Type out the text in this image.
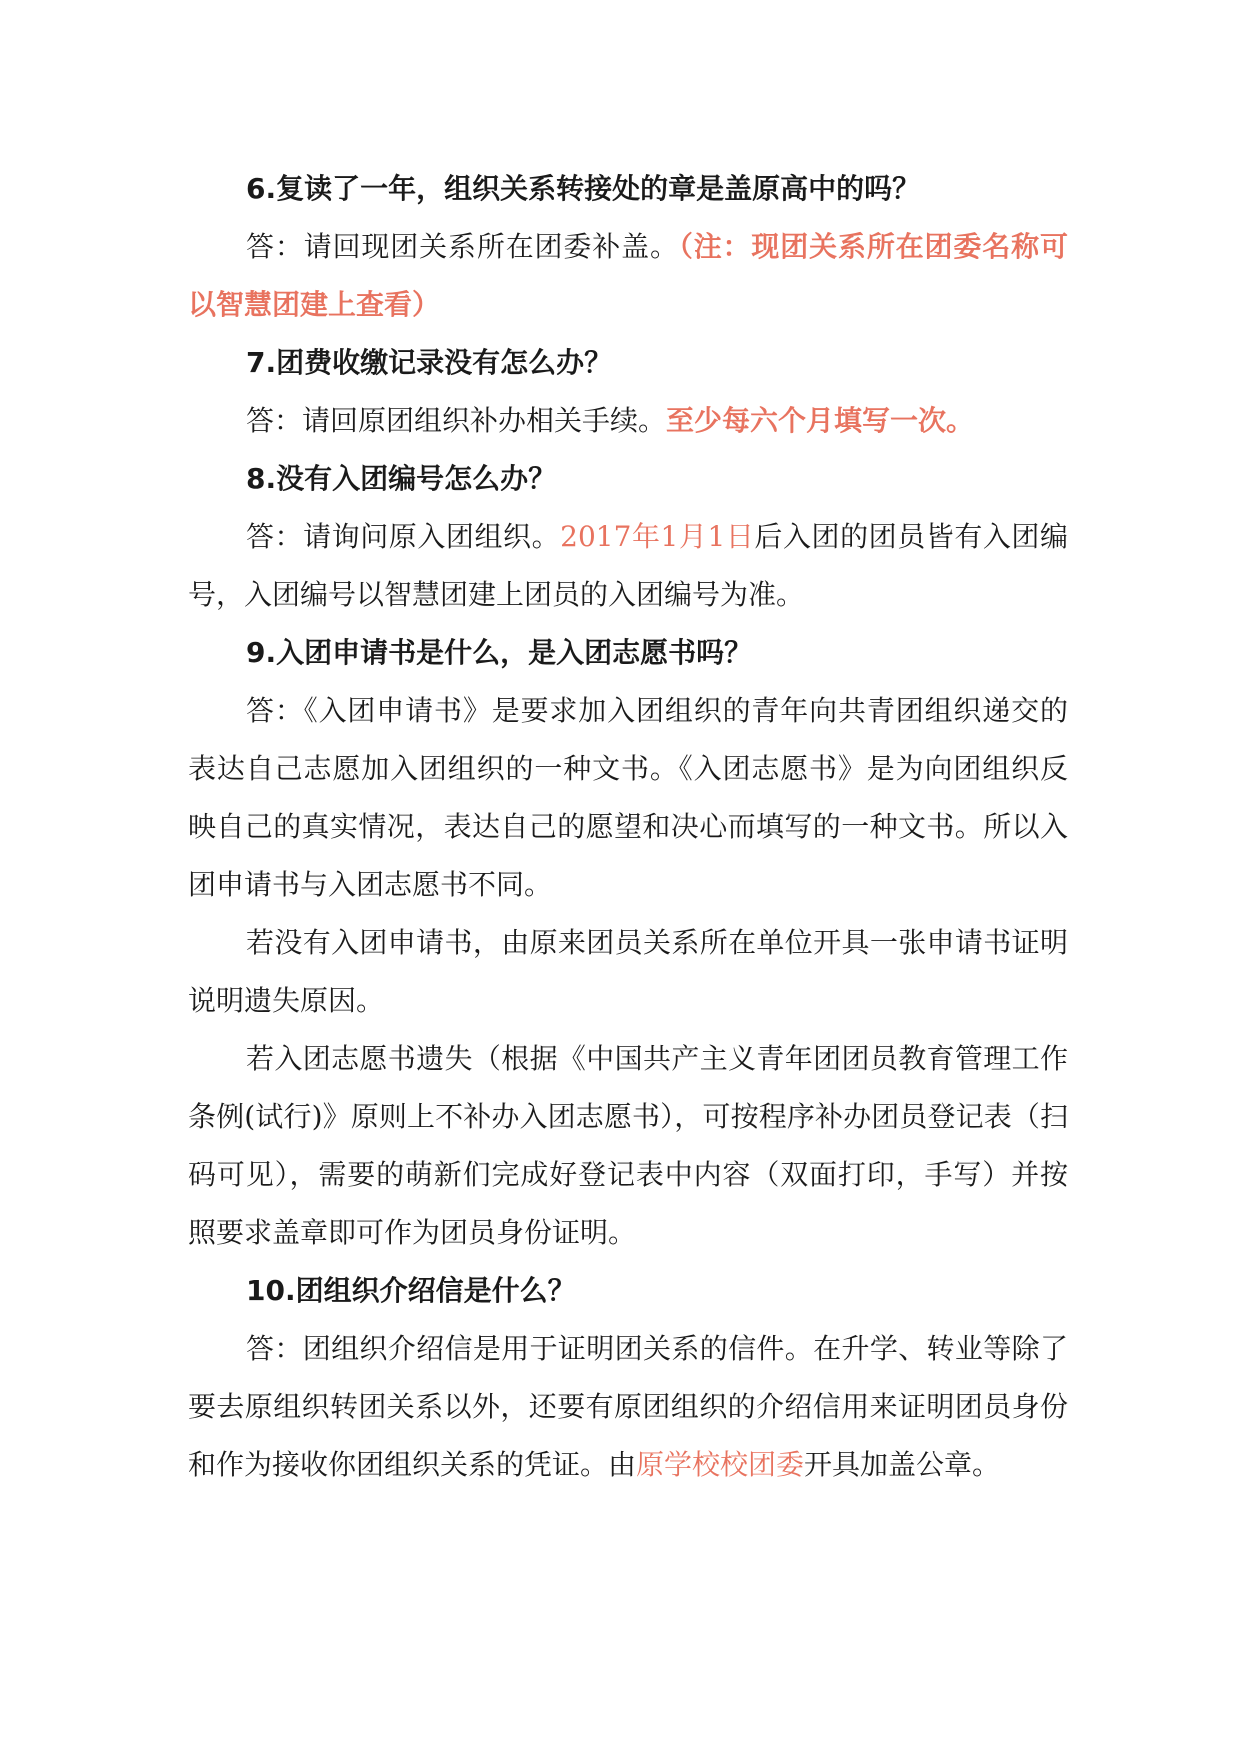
6.复读了一年，组织关系转接处的章是盖原高中的吗？

答：请回现团关系所在团委补盖。（注：现团关系所在团委名称可以智慧团建上查看）

7.团费收缴记录没有怎么办？

答：请回原团组织补办相关手续。至少每六个月填写一次。

8.没有入团编号怎么办？

答：请询问原入团组织。2017年1月1日后入团的团员皆有入团编号，入团编号以智慧团建上团员的入团编号为准。

9.入团申请书是什么，是入团志愿书吗？

答：《入团申请书》是要求加入团组织的青年向共青团组织递交的表达自己志愿加入团组织的一种文书。《入团志愿书》是为向团组织反映自己的真实情况，表达自己的愿望和决心而填写的一种文书。所以入团申请书与入团志愿书不同。

若没有入团申请书，由原来团员关系所在单位开具一张申请书证明说明遗失原因。

若入团志愿书遗失（根据《中国共产主义青年团团员教育管理工作条例(试行)》原则上不补办入团志愿书），可按程序补办团员登记表（扫码可见），需要的萌新们完成好登记表中内容（双面打印，手写）并按照要求盖章即可作为团员身份证明。

10.团组织介绍信是什么？

答：团组织介绍信是用于证明团关系的信件。在升学、转业等除了要去原组织转团关系以外，还要有原团组织的介绍信用来证明团员身份和作为接收你团组织关系的凭证。由原学校校团委开具加盖公章。
